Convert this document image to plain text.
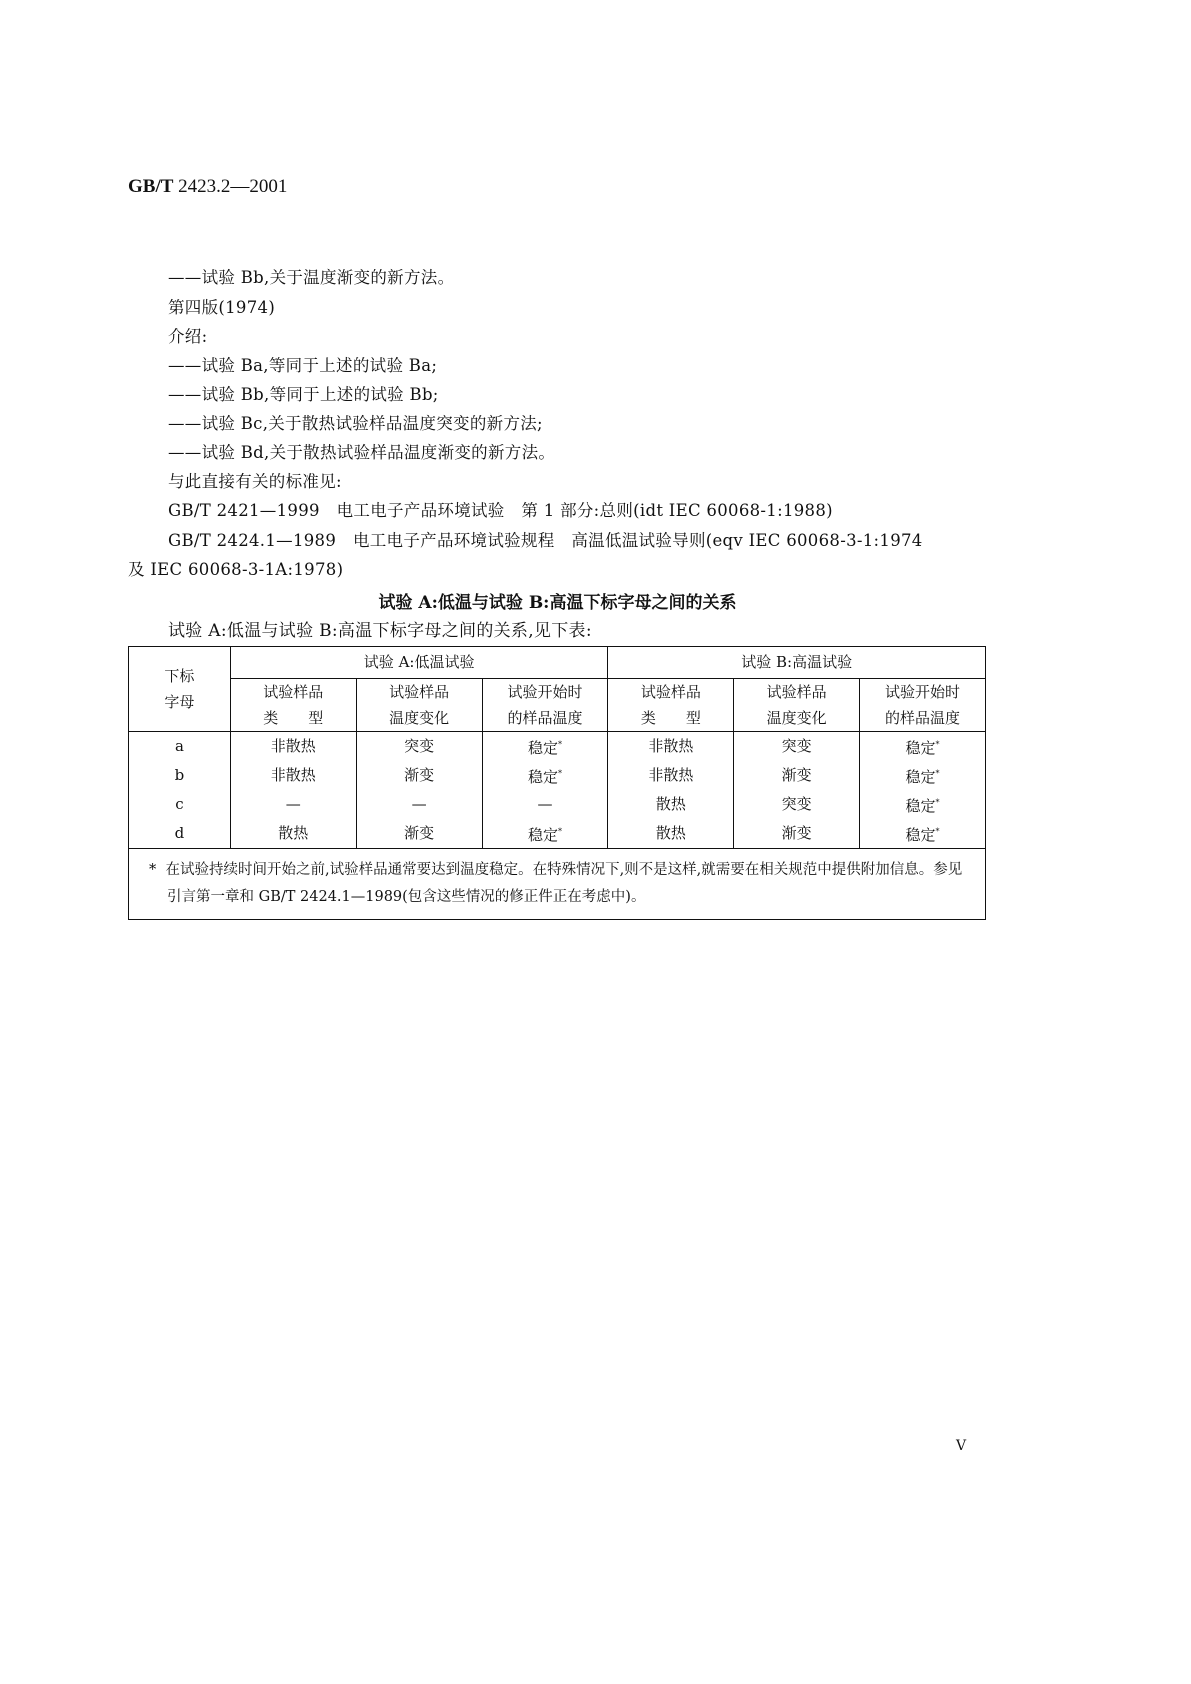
GB/T 2423.2—2001
——试验 Bb,关于温度渐变的新方法。
第四版(1974)
介绍:
——试验 Ba,等同于上述的试验 Ba;
——试验 Bb,等同于上述的试验 Bb;
——试验 Bc,关于散热试验样品温度突变的新方法;
——试验 Bd,关于散热试验样品温度渐变的新方法。
与此直接有关的标准见:
GB/T 2421—1999　电工电子产品环境试验　第 1 部分:总则(idt IEC 60068-1:1988)
GB/T 2424.1—1989　电工电子产品环境试验规程　高温低温试验导则(eqv IEC 60068-3-1:1974
及 IEC 60068-3-1A:1978)
试验 A:低温与试验 B:高温下标字母之间的关系
试验 A:低温与试验 B:高温下标字母之间的关系,见下表:
下标
字母	试验 A:低温试验			试验 B:高温试验		
	试验样品	试验样品	试验开始时	试验样品	试验样品	试验开始时
	类　　型	温度变化	的样品温度	类　　型	温度变化	的样品温度
a	非散热	突变	稳定*	非散热	突变	稳定*
b	非散热	渐变	稳定*	非散热	渐变	稳定*
c	—	—	—	散热	突变	稳定*
d	散热	渐变	稳定*	散热	渐变	稳定*
* 在试验持续时间开始之前,试验样品通常要达到温度稳定。在特殊情况下,则不是这样,就需要在相关规范中提供附加信息。参见引言第一章和 GB/T 2424.1—1989(包含这些情况的修正件正在考虑中)。						
V
